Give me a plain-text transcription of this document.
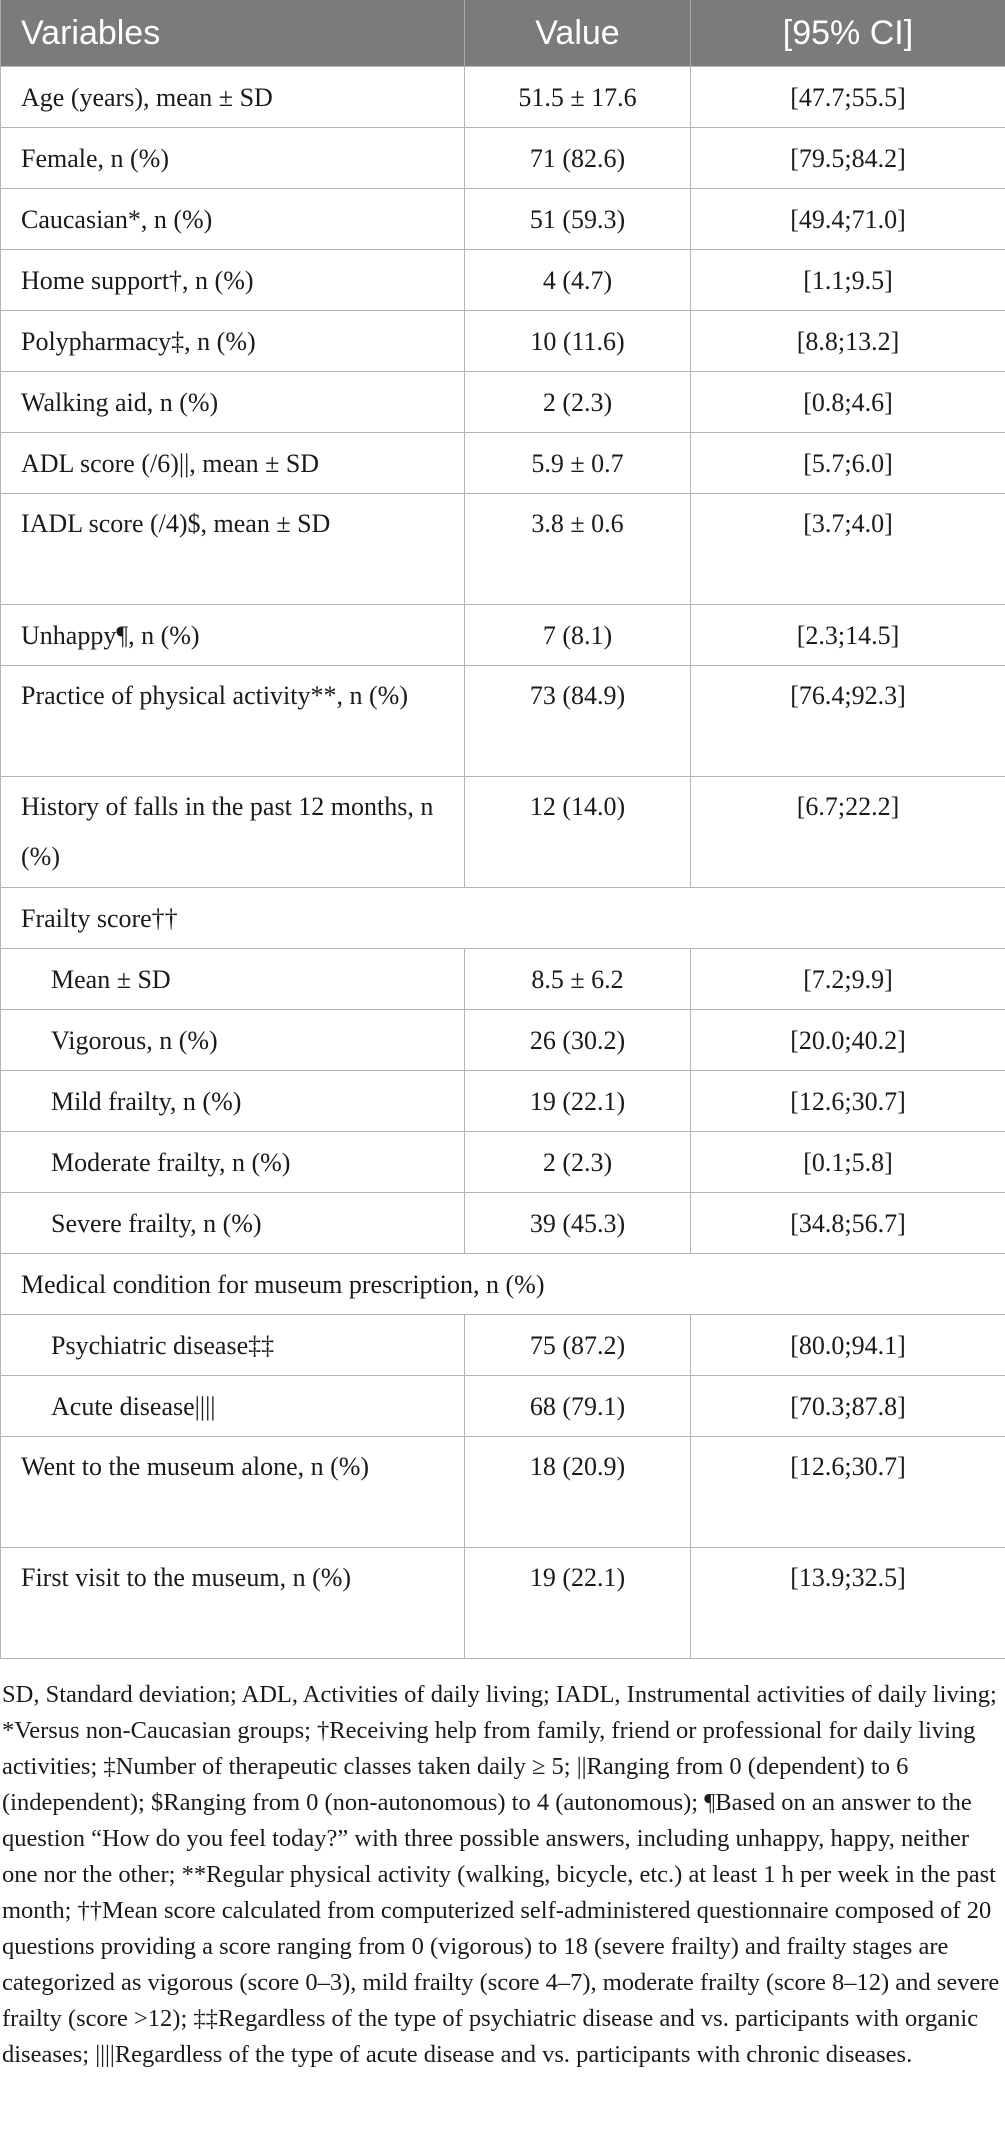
Variables	Value	[95% CI]
Age (years), mean ± SD	51.5 ± 17.6	[47.7;55.5]
Female, n (%)	71 (82.6)	[79.5;84.2]
Caucasian*, n (%)	51 (59.3)	[49.4;71.0]
Home support†, n (%)	4 (4.7)	[1.1;9.5]
Polypharmacy‡, n (%)	10 (11.6)	[8.8;13.2]
Walking aid, n (%)	2 (2.3)	[0.8;4.6]
ADL score (/6)||, mean ± SD	5.9 ± 0.7	[5.7;6.0]
IADL score (/4)$, mean ± SD	3.8 ± 0.6	[3.7;4.0]
Unhappy¶, n (%)	7 (8.1)	[2.3;14.5]
Practice of physical activity**, n (%)	73 (84.9)	[76.4;92.3]
History of falls in the past 12 months, n (%)	12 (14.0)	[6.7;22.2]
Frailty score††		
Mean ± SD	8.5 ± 6.2	[7.2;9.9]
Vigorous, n (%)	26 (30.2)	[20.0;40.2]
Mild frailty, n (%)	19 (22.1)	[12.6;30.7]
Moderate frailty, n (%)	2 (2.3)	[0.1;5.8]
Severe frailty, n (%)	39 (45.3)	[34.8;56.7]
Medical condition for museum prescription, n (%)		
Psychiatric disease‡‡	75 (87.2)	[80.0;94.1]
Acute disease||||	68 (79.1)	[70.3;87.8]
Went to the museum alone, n (%)	18 (20.9)	[12.6;30.7]
First visit to the museum, n (%)	19 (22.1)	[13.9;32.5]
SD, Standard deviation; ADL, Activities of daily living; IADL, Instrumental activities of daily living; *Versus non-Caucasian groups; †Receiving help from family, friend or professional for daily living activities; ‡Number of therapeutic classes taken daily ≥ 5; ||Ranging from 0 (dependent) to 6 (independent); $Ranging from 0 (non-autonomous) to 4 (autonomous); ¶Based on an answer to the question “How do you feel today?” with three possible answers, including unhappy, happy, neither one nor the other; **Regular physical activity (walking, bicycle, etc.) at least 1 h per week in the past month; ††Mean score calculated from computerized self-administered questionnaire composed of 20 questions providing a score ranging from 0 (vigorous) to 18 (severe frailty) and frailty stages are categorized as vigorous (score 0–3), mild frailty (score 4–7), moderate frailty (score 8–12) and severe frailty (score >12); ‡‡Regardless of the type of psychiatric disease and vs. participants with organic diseases; ||||Regardless of the type of acute disease and vs. participants with chronic diseases.
